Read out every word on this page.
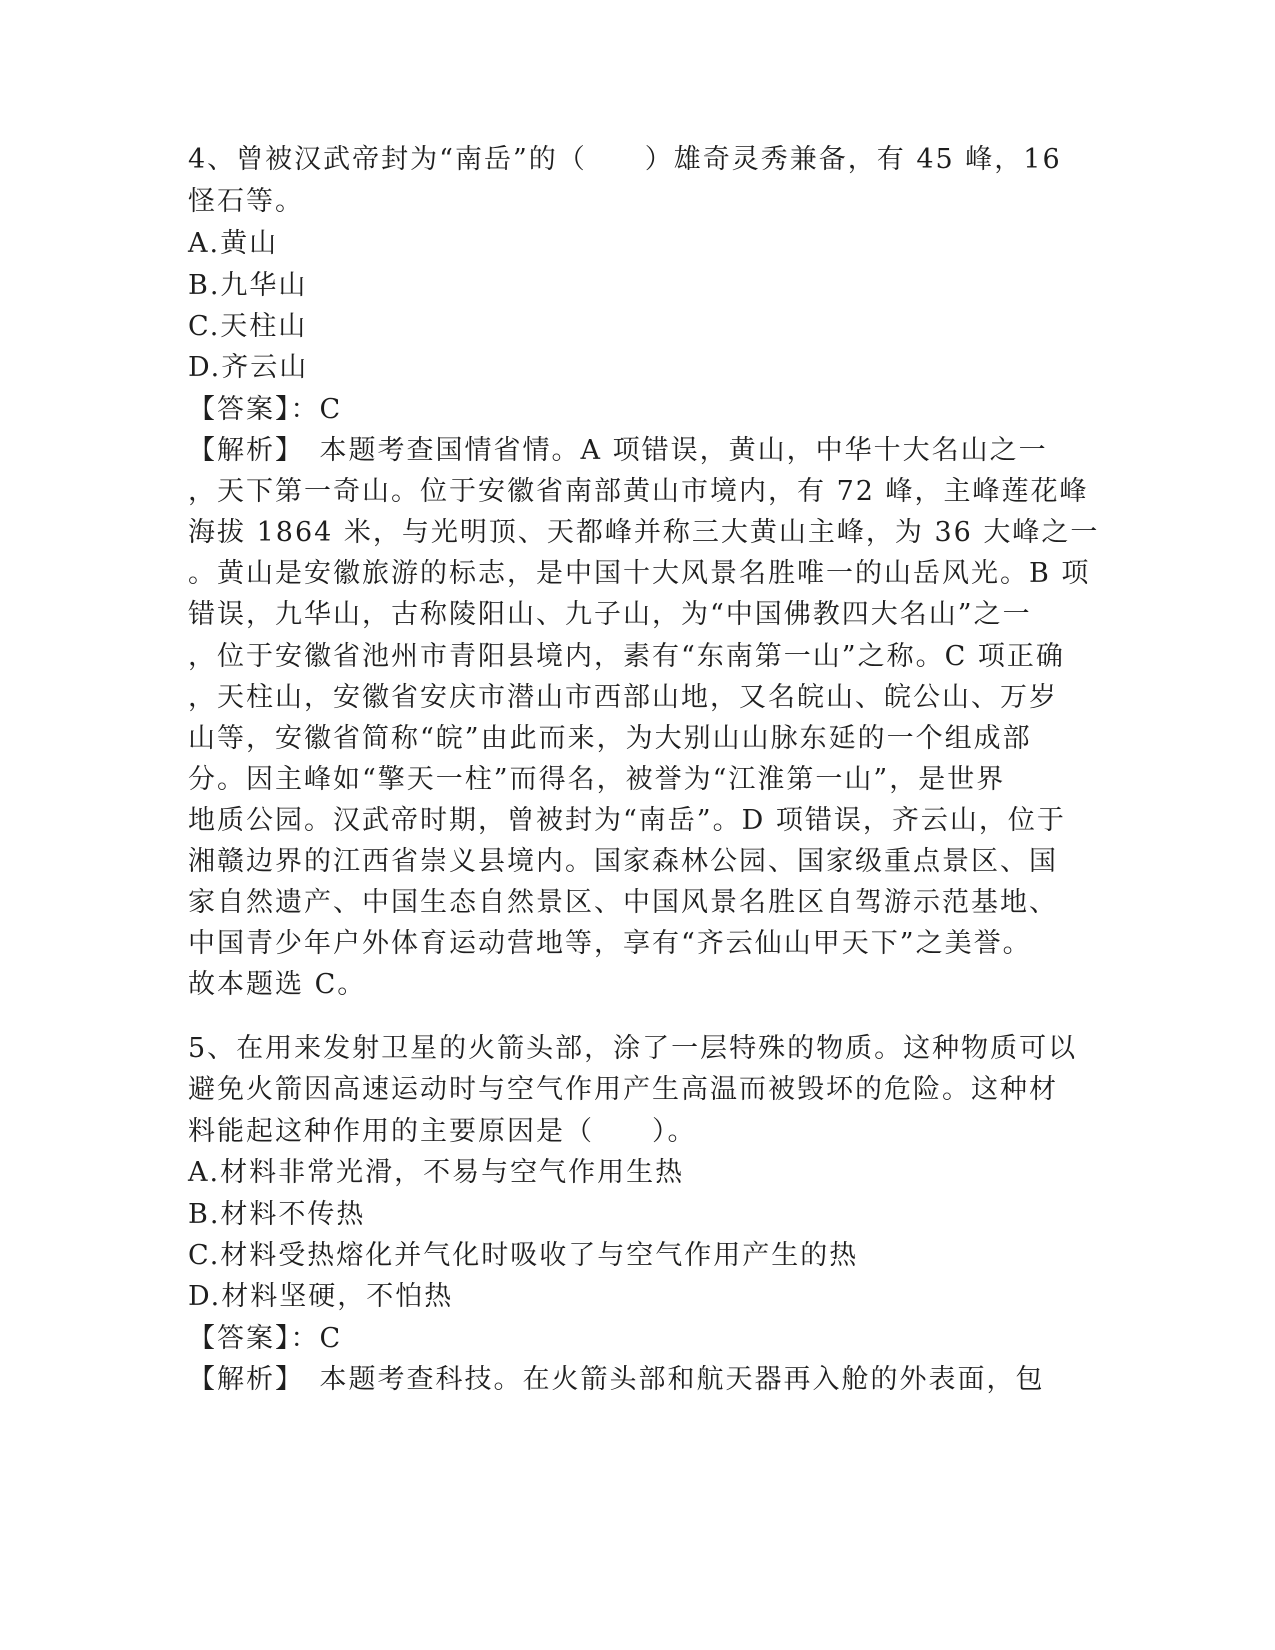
4、曾被汉武帝封为“南岳”的（　　）雄奇灵秀兼备，有 45 峰，16
怪石等。
A.黄山
B.九华山
C.天柱山
D.齐云山
【答案】：C
【解析】　本题考查国情省情。A 项错误，黄山，中华十大名山之一
，天下第一奇山。位于安徽省南部黄山市境内，有 72 峰，主峰莲花峰
海拔 1864 米，与光明顶、天都峰并称三大黄山主峰，为 36 大峰之一
。黄山是安徽旅游的标志，是中国十大风景名胜唯一的山岳风光。B 项
错误，九华山，古称陵阳山、九子山，为“中国佛教四大名山”之一
，位于安徽省池州市青阳县境内，素有“东南第一山”之称。C 项正确
，天柱山，安徽省安庆市潜山市西部山地，又名皖山、皖公山、万岁
山等，安徽省简称“皖”由此而来，为大别山山脉东延的一个组成部
分。因主峰如“擎天一柱”而得名，被誉为“江淮第一山”，是世界
地质公园。汉武帝时期，曾被封为“南岳”。D 项错误，齐云山，位于
湘赣边界的江西省崇义县境内。国家森林公园、国家级重点景区、国
家自然遗产、中国生态自然景区、中国风景名胜区自驾游示范基地、
中国青少年户外体育运动营地等，享有“齐云仙山甲天下”之美誉。
故本题选 C。
5、在用来发射卫星的火箭头部，涂了一层特殊的物质。这种物质可以
避免火箭因高速运动时与空气作用产生高温而被毁坏的危险。这种材
料能起这种作用的主要原因是（　　）。
A.材料非常光滑，不易与空气作用生热
B.材料不传热
C.材料受热熔化并气化时吸收了与空气作用产生的热
D.材料坚硬，不怕热
【答案】：C
【解析】　本题考查科技。在火箭头部和航天器再入舱的外表面，包
